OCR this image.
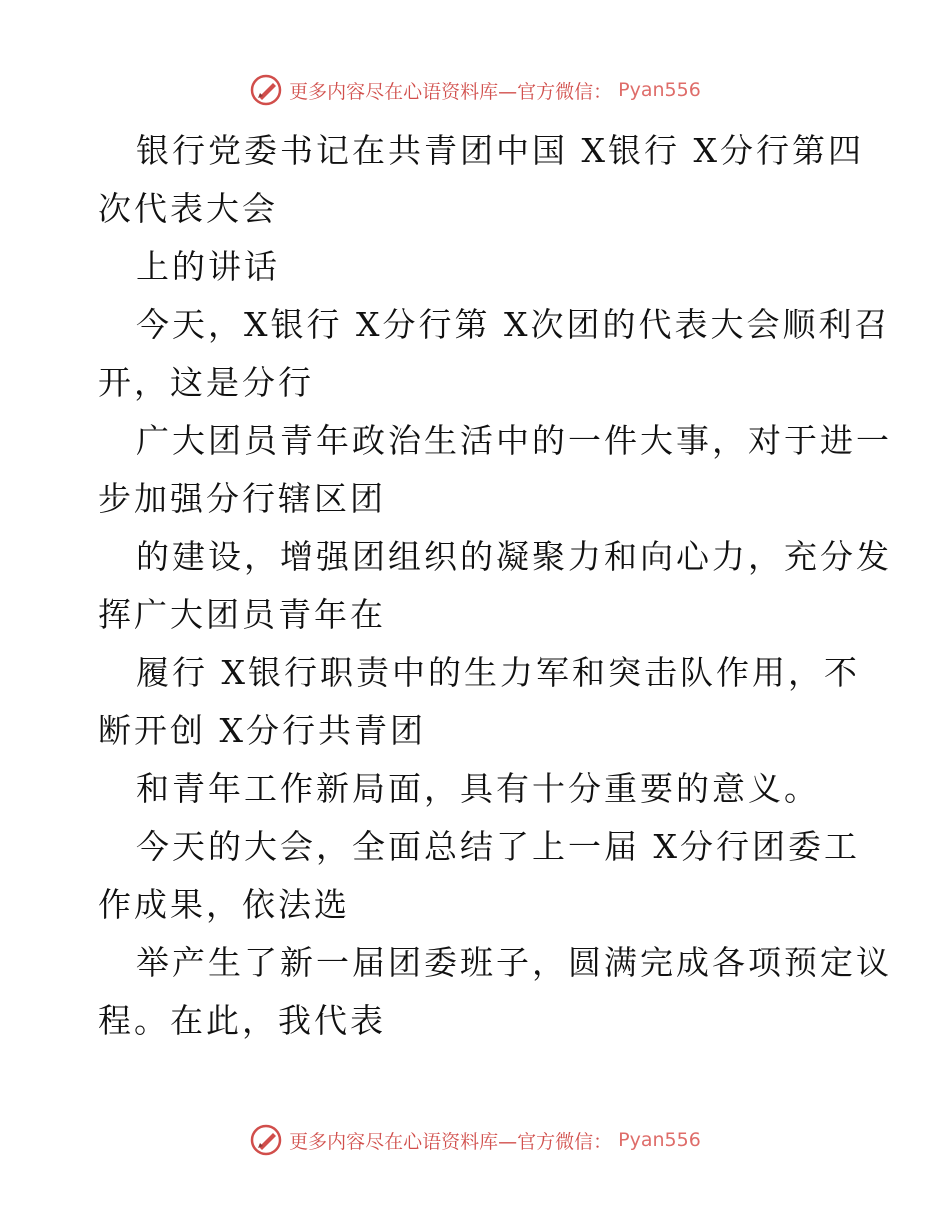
更多内容尽在心语资料库—官方微信： Pyan556

银行党委书记在共青团中国 X银行 X分行第四

次代表大会

上的讲话

今天，X银行 X分行第 X次团的代表大会顺利召

开，这是分行

广大团员青年政治生活中的一件大事，对于进一

步加强分行辖区团

的建设，增强团组织的凝聚力和向心力，充分发

挥广大团员青年在

履行 X银行职责中的生力军和突击队作用，不

断开创 X分行共青团

和青年工作新局面，具有十分重要的意义。

今天的大会，全面总结了上一届 X分行团委工

作成果，依法选

举产生了新一届团委班子，圆满完成各项预定议

程。在此，我代表

更多内容尽在心语资料库—官方微信： Pyan556
